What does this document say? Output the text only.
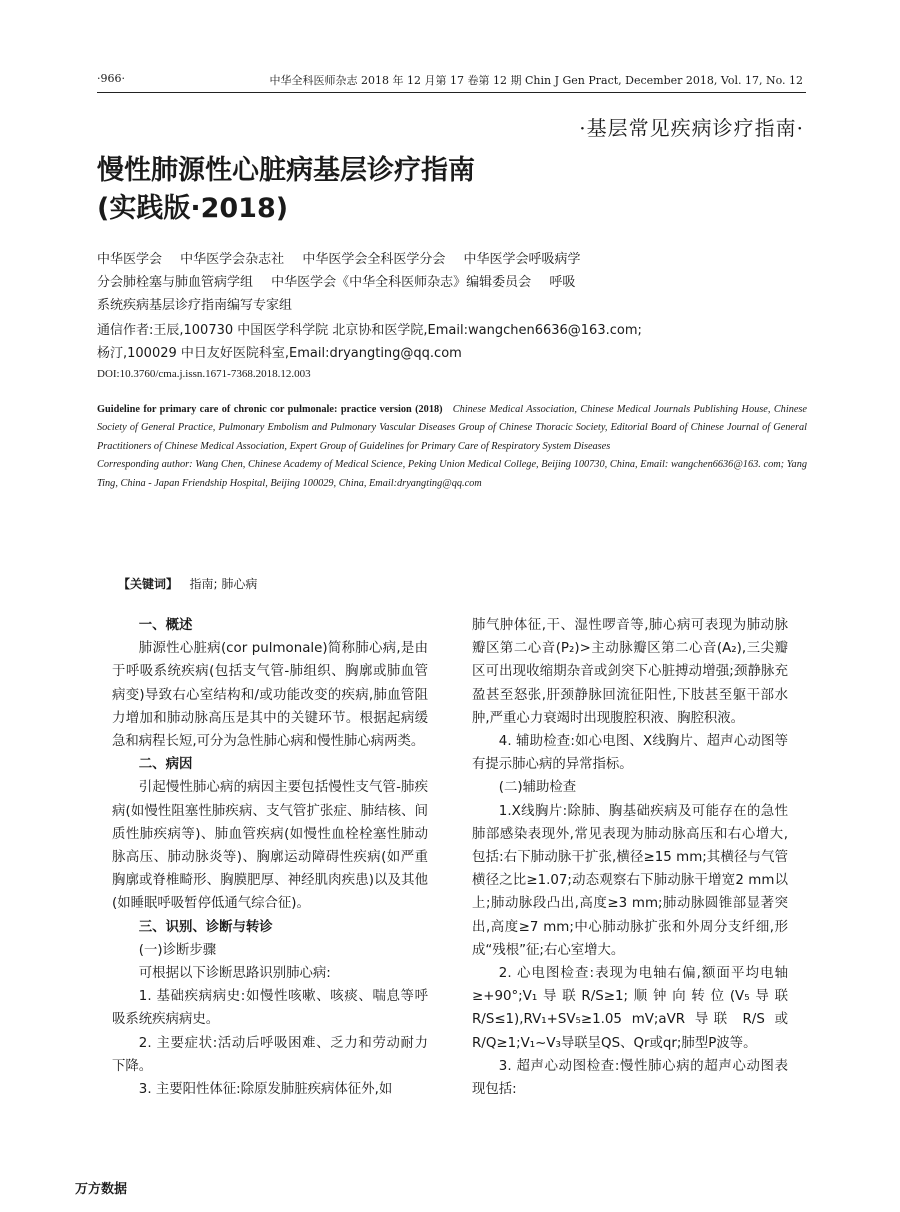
·966·	中华全科医师杂志 2018 年 12 月第 17 卷第 12 期 Chin J Gen Pract, December 2018, Vol. 17, No. 12
·基层常见疾病诊疗指南·
慢性肺源性心脏病基层诊疗指南
(实践版·2018)
中华医学会 中华医学会杂志社 中华医学会全科医学分会 中华医学会呼吸病学
分会肺栓塞与肺血管病学组 中华医学会《中华全科医师杂志》编辑委员会 呼吸
系统疾病基层诊疗指南编写专家组
通信作者:王辰,100730 中国医学科学院 北京协和医学院,Email:wangchen6636@163.com;
杨汀,100029 中日友好医院科室,Email:dryangting@qq.com
DOI:10.3760/cma.j.issn.1671-7368.2018.12.003

Guideline for primary care of chronic cor pulmonale: practice version (2018) Chinese Medical Association, Chinese Medical Journals Publishing House, Chinese Society of General Practice, Pulmonary Embolism and Pulmonary Vascular Diseases Group of Chinese Thoracic Society, Editorial Board of Chinese Journal of General Practitioners of Chinese Medical Association, Expert Group of Guidelines for Primary Care of Respiratory System Diseases

Corresponding author: Wang Chen, Chinese Academy of Medical Science, Peking Union Medical College, Beijing 100730, China, Email: wangchen6636@163. com; Yang Ting, China - Japan Friendship Hospital, Beijing 100029, China, Email:dryangting@qq.com

【关键词】 指南; 肺心病

一、概述

肺源性心脏病(cor pulmonale)简称肺心病,是由于呼吸系统疾病(包括支气管-肺组织、胸廓或肺血管病变)导致右心室结构和/或功能改变的疾病,肺血管阻力增加和肺动脉高压是其中的关键环节。根据起病缓急和病程长短,可分为急性肺心病和慢性肺心病两类。

二、病因

引起慢性肺心病的病因主要包括慢性支气管-肺疾病(如慢性阻塞性肺疾病、支气管扩张症、肺结核、间质性肺疾病等)、肺血管疾病(如慢性血栓栓塞性肺动脉高压、肺动脉炎等)、胸廓运动障碍性疾病(如严重胸廓或脊椎畸形、胸膜肥厚、神经肌肉疾患)以及其他(如睡眠呼吸暂停低通气综合征)。

三、识别、诊断与转诊

(一)诊断步骤

可根据以下诊断思路识别肺心病:

1. 基础疾病病史:如慢性咳嗽、咳痰、喘息等呼吸系统疾病病史。

2. 主要症状:活动后呼吸困难、乏力和劳动耐力下降。

3. 主要阳性体征:除原发肺脏疾病体征外,如

肺气肿体征,干、湿性啰音等,肺心病可表现为肺动脉瓣区第二心音(P₂)>主动脉瓣区第二心音(A₂),三尖瓣区可出现收缩期杂音或剑突下心脏搏动增强;颈静脉充盈甚至怒张,肝颈静脉回流征阳性,下肢甚至躯干部水肿,严重心力衰竭时出现腹腔积液、胸腔积液。

4. 辅助检查:如心电图、X线胸片、超声心动图等有提示肺心病的异常指标。

(二)辅助检查

1.X线胸片:除肺、胸基础疾病及可能存在的急性肺部感染表现外,常见表现为肺动脉高压和右心增大,包括:右下肺动脉干扩张,横径≥15 mm;其横径与气管横径之比≥1.07;动态观察右下肺动脉干增宽2 mm以上;肺动脉段凸出,高度≥3 mm;肺动脉圆锥部显著突出,高度≥7 mm;中心肺动脉扩张和外周分支纤细,形成“残根”征;右心室增大。

2. 心电图检查:表现为电轴右偏,额面平均电轴≥+90°;V₁导联R/S≥1;顺钟向转位(V₅导联R/S≤1),RV₁+SV₅≥1.05 mV;aVR 导联 R/S 或 R/Q≥1;V₁~V₃导联呈QS、Qr或qr;肺型P波等。

3. 超声心动图检查:慢性肺心病的超声心动图表现包括:

万方数据
